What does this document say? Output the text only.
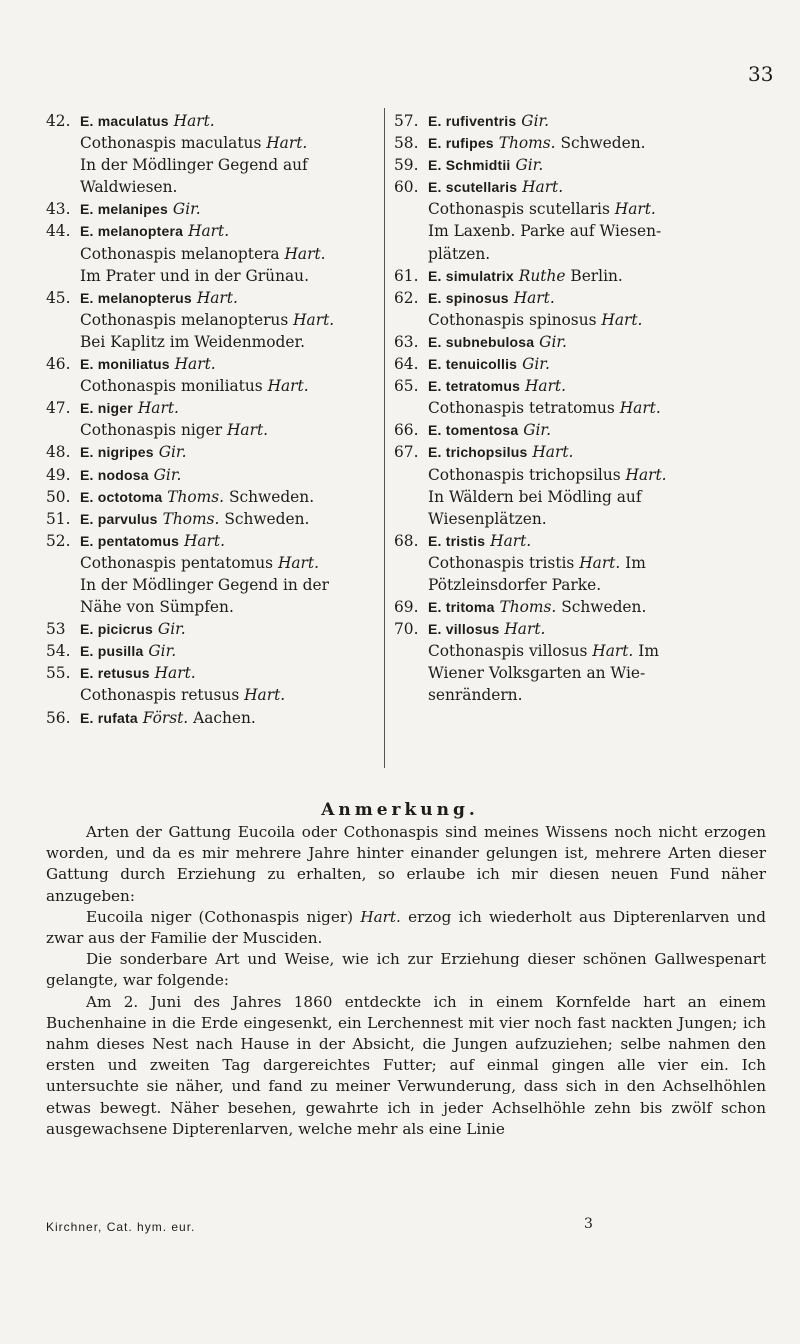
33
42. E. maculatus Hart.
Cothonaspis maculatus Hart.
In der Mödlinger Gegend auf
Waldwiesen.
43. E. melanipes Gir.
44. E. melanoptera Hart.
Cothonaspis melanoptera Hart.
Im Prater und in der Grünau.
45. E. melanopterus Hart.
Cothonaspis melanopterus Hart.
Bei Kaplitz im Weidenmoder.
46. E. moniliatus Hart.
Cothonaspis moniliatus Hart.
47. E. niger Hart.
Cothonaspis niger Hart.
48. E. nigripes Gir.
49. E. nodosa Gir.
50. E. octotoma Thoms. Schweden.
51. E. parvulus Thoms. Schweden.
52. E. pentatomus Hart.
Cothonaspis pentatomus Hart.
In der Mödlinger Gegend in der
Nähe von Sümpfen.
53 E. picicrus Gir.
54. E. pusilla Gir.
55. E. retusus Hart.
Cothonaspis retusus Hart.
56. E. rufata Först. Aachen.
57. E. rufiventris Gir.
58. E. rufipes Thoms. Schweden.
59. E. Schmidtii Gir.
60. E. scutellaris Hart.
Cothonaspis scutellaris Hart.
Im Laxenb. Parke auf Wiesen-
plätzen.
61. E. simulatrix Ruthe Berlin.
62. E. spinosus Hart.
Cothonaspis spinosus Hart.
63. E. subnebulosa Gir.
64. E. tenuicollis Gir.
65. E. tetratomus Hart.
Cothonaspis tetratomus Hart.
66. E. tomentosa Gir.
67. E. trichopsilus Hart.
Cothonaspis trichopsilus Hart.
In Wäldern bei Mödling auf
Wiesenplätzen.
68. E. tristis Hart.
Cothonaspis tristis Hart. Im
Pötzleinsdorfer Parke.
69. E. tritoma Thoms. Schweden.
70. E. villosus Hart.
Cothonaspis villosus Hart. Im
Wiener Volksgarten an Wie-
senrändern.
Anmerkung.

Arten der Gattung Eucoila oder Cothonaspis sind meines Wissens noch nicht erzogen worden, und da es mir mehrere Jahre hinter einander gelungen ist, mehrere Arten dieser Gattung durch Erziehung zu erhalten, so erlaube ich mir diesen neuen Fund näher anzugeben:

Eucoila niger (Cothonaspis niger) Hart. erzog ich wiederholt aus Dipterenlarven und zwar aus der Familie der Musciden.

Die sonderbare Art und Weise, wie ich zur Erziehung dieser schönen Gallwespenart gelangte, war folgende:

Am 2. Juni des Jahres 1860 entdeckte ich in einem Kornfelde hart an einem Buchenhaine in die Erde eingesenkt, ein Lerchennest mit vier noch fast nackten Jungen; ich nahm dieses Nest nach Hause in der Absicht, die Jungen aufzuziehen; selbe nahmen den ersten und zweiten Tag dargereichtes Futter; auf einmal gingen alle vier ein. Ich untersuchte sie näher, und fand zu meiner Verwunderung, dass sich in den Achselhöhlen etwas bewegt. Näher besehen, gewahrte ich in jeder Achselhöhle zehn bis zwölf schon ausgewachsene Dipterenlarven, welche mehr als eine Linie

Kirchner, Cat. hym. eur.	3
